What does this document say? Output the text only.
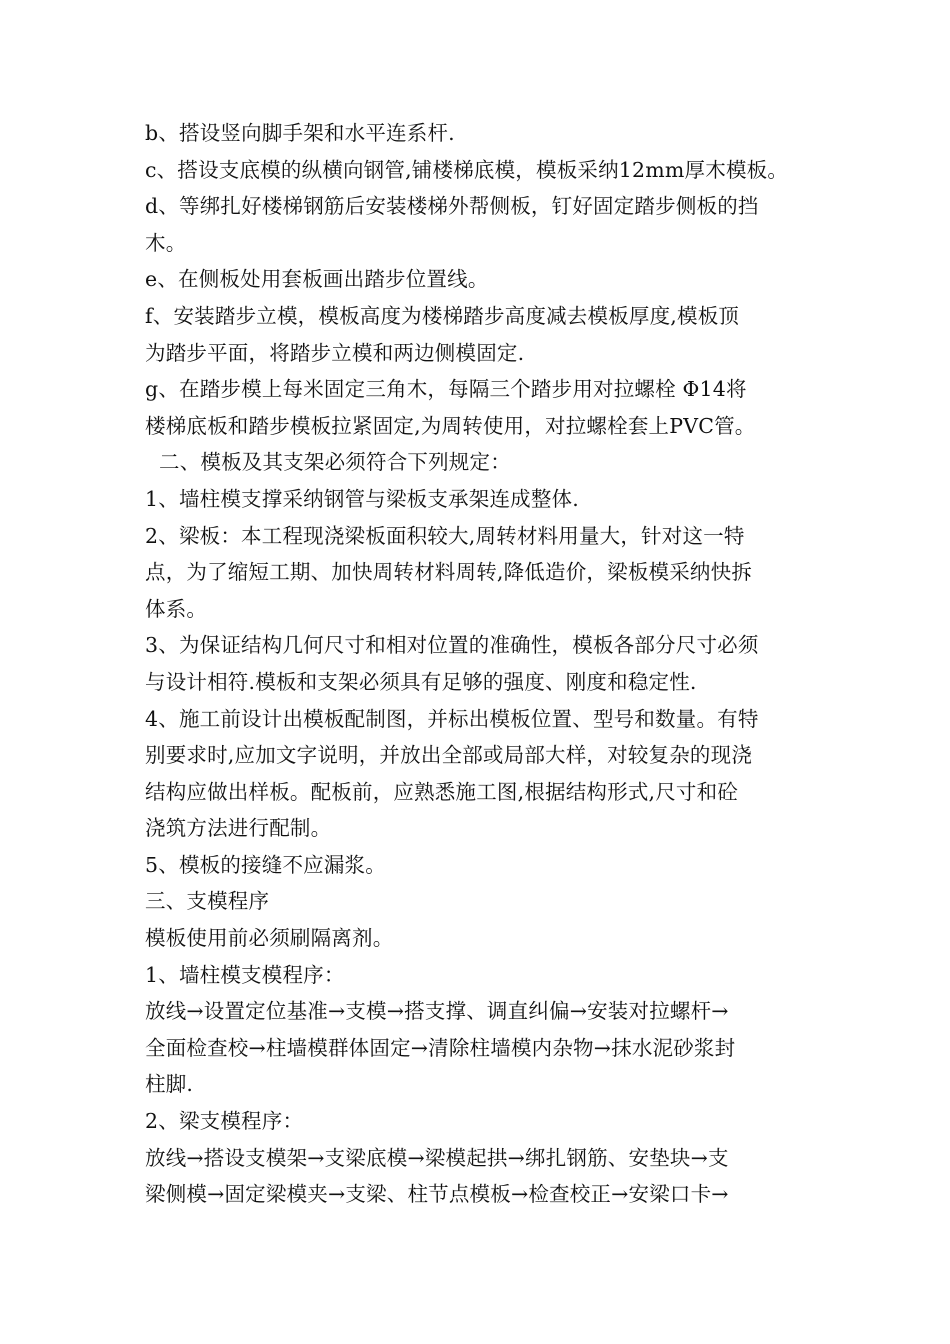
b、搭设竖向脚手架和水平连系杆.
c、搭设支底模的纵横向钢管,铺楼梯底模，模板采纳12mm厚木模板。
d、等绑扎好楼梯钢筋后安装楼梯外帮侧板，钉好固定踏步侧板的挡
木。
e、在侧板处用套板画出踏步位置线。
f、安装踏步立模，模板高度为楼梯踏步高度减去模板厚度,模板顶
为踏步平面，将踏步立模和两边侧模固定.
g、在踏步模上每米固定三角木，每隔三个踏步用对拉螺栓 Φ14将
楼梯底板和踏步模板拉紧固定,为周转使用，对拉螺栓套上PVC管。
二、模板及其支架必须符合下列规定：
1、墙柱模支撑采纳钢管与梁板支承架连成整体.
2、梁板：本工程现浇梁板面积较大,周转材料用量大，针对这一特
点，为了缩短工期、加快周转材料周转,降低造价，梁板模采纳快拆
体系。
3、为保证结构几何尺寸和相对位置的准确性，模板各部分尺寸必须
与设计相符.模板和支架必须具有足够的强度、刚度和稳定性.
4、施工前设计出模板配制图，并标出模板位置、型号和数量。有特
别要求时,应加文字说明，并放出全部或局部大样，对较复杂的现浇
结构应做出样板。配板前，应熟悉施工图,根据结构形式,尺寸和砼
浇筑方法进行配制。
5、模板的接缝不应漏浆。
三、支模程序
模板使用前必须刷隔离剂。
1、墙柱模支模程序：
放线→设置定位基准→支模→搭支撑、调直纠偏→安装对拉螺杆→
全面检查校→柱墙模群体固定→清除柱墙模内杂物→抹水泥砂浆封
柱脚.
2、梁支模程序：
放线→搭设支模架→支梁底模→梁模起拱→绑扎钢筋、安垫块→支
梁侧模→固定梁模夹→支梁、柱节点模板→检查校正→安梁口卡→
